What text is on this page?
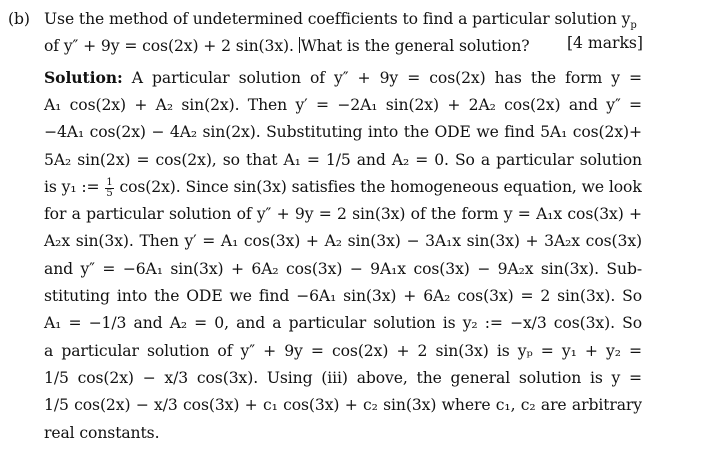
(b) Use the method of undetermined coefficients to find a particular solution $y_p$
of y″ + 9y = cos(2x) + 2 sin(3x). What is the general solution?	[4 marks]
Solution: A particular solution of y″ + 9y = cos(2x) has the form y =
A₁ cos(2x) + A₂ sin(2x). Then y′ = −2A₁ sin(2x) + 2A₂ cos(2x) and y″ =
−4A₁ cos(2x) − 4A₂ sin(2x). Substituting into the ODE we find 5A₁ cos(2x)+
5A₂ sin(2x) = cos(2x), so that A₁ = 1/5 and A₂ = 0. So a particular solution
is y₁ := $\frac{1}{5} \cos(2x)$. Since sin(3x) satisfies the homogeneous equation, we look
for a particular solution of y″ + 9y = 2 sin(3x) of the form y = A₁x cos(3x) +
A₂x sin(3x). Then y′ = A₁ cos(3x) + A₂ sin(3x) − 3A₁x sin(3x) + 3A₂x cos(3x)
and y″ = −6A₁ sin(3x) + 6A₂ cos(3x) − 9A₁x cos(3x) − 9A₂x sin(3x). Sub-
stituting into the ODE we find −6A₁ sin(3x) + 6A₂ cos(3x) = 2 sin(3x). So
A₁ = −1/3 and A₂ = 0, and a particular solution is y₂ := −x/3 cos(3x). So
a particular solution of y″ + 9y = cos(2x) + 2 sin(3x) is yₚ = y₁ + y₂ =
1/5 cos(2x) − x/3 cos(3x). Using (iii) above, the general solution is y =
1/5 cos(2x) − x/3 cos(3x) + c₁ cos(3x) + c₂ sin(3x) where c₁, c₂ are arbitrary
real constants.
